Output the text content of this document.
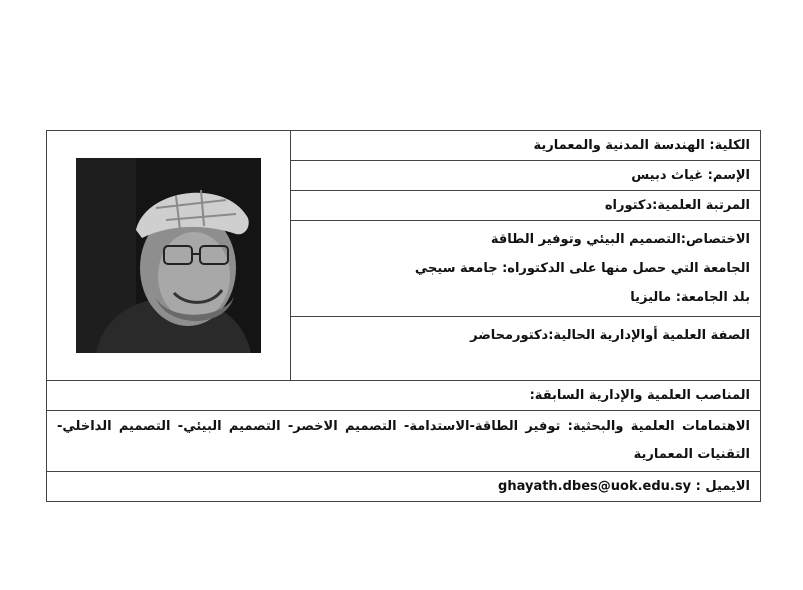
الكلية: الهندسة المدنية والمعمارية	

الإسم: غياث دبيس
المرتبة العلمية:دكتوراه

الاختصاص:التصميم البيئي وتوفير الطاقة
الجامعة التي حصل منها على الدكتوراه: جامعة سيجي
بلد الجامعة: ماليزيا

الصفة العلمية أوالإدارية الحالية:دكتورمحاضر

المناصب العلمية والإدارية السابقة:
الاهتمامات العلمية والبحثية: توفير الطاقة-الاستدامة- التصميم الاخصر- التصميم البيئي- التصميم الداخلي- التقنيات المعمارية
الايميل : ghayath.dbes@uok.edu.sy
